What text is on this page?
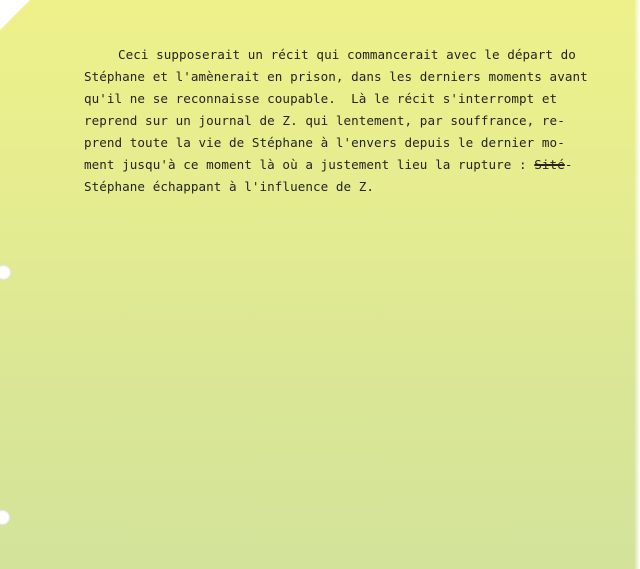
Ceci supposerait un récit qui commancerait avec le départ do
Stéphane et l'amènerait en prison, dans les derniers moments avant
qu'il ne se reconnaisse coupable.  Là le récit s'interrompt et
reprend sur un journal de Z. qui lentement, par souffrance, re-
prend toute la vie de Stéphane à l'envers depuis le dernier mo-
ment jusqu'à ce moment là où a justement lieu la rupture : Sité-
Stéphane échappant à l'influence de Z.
